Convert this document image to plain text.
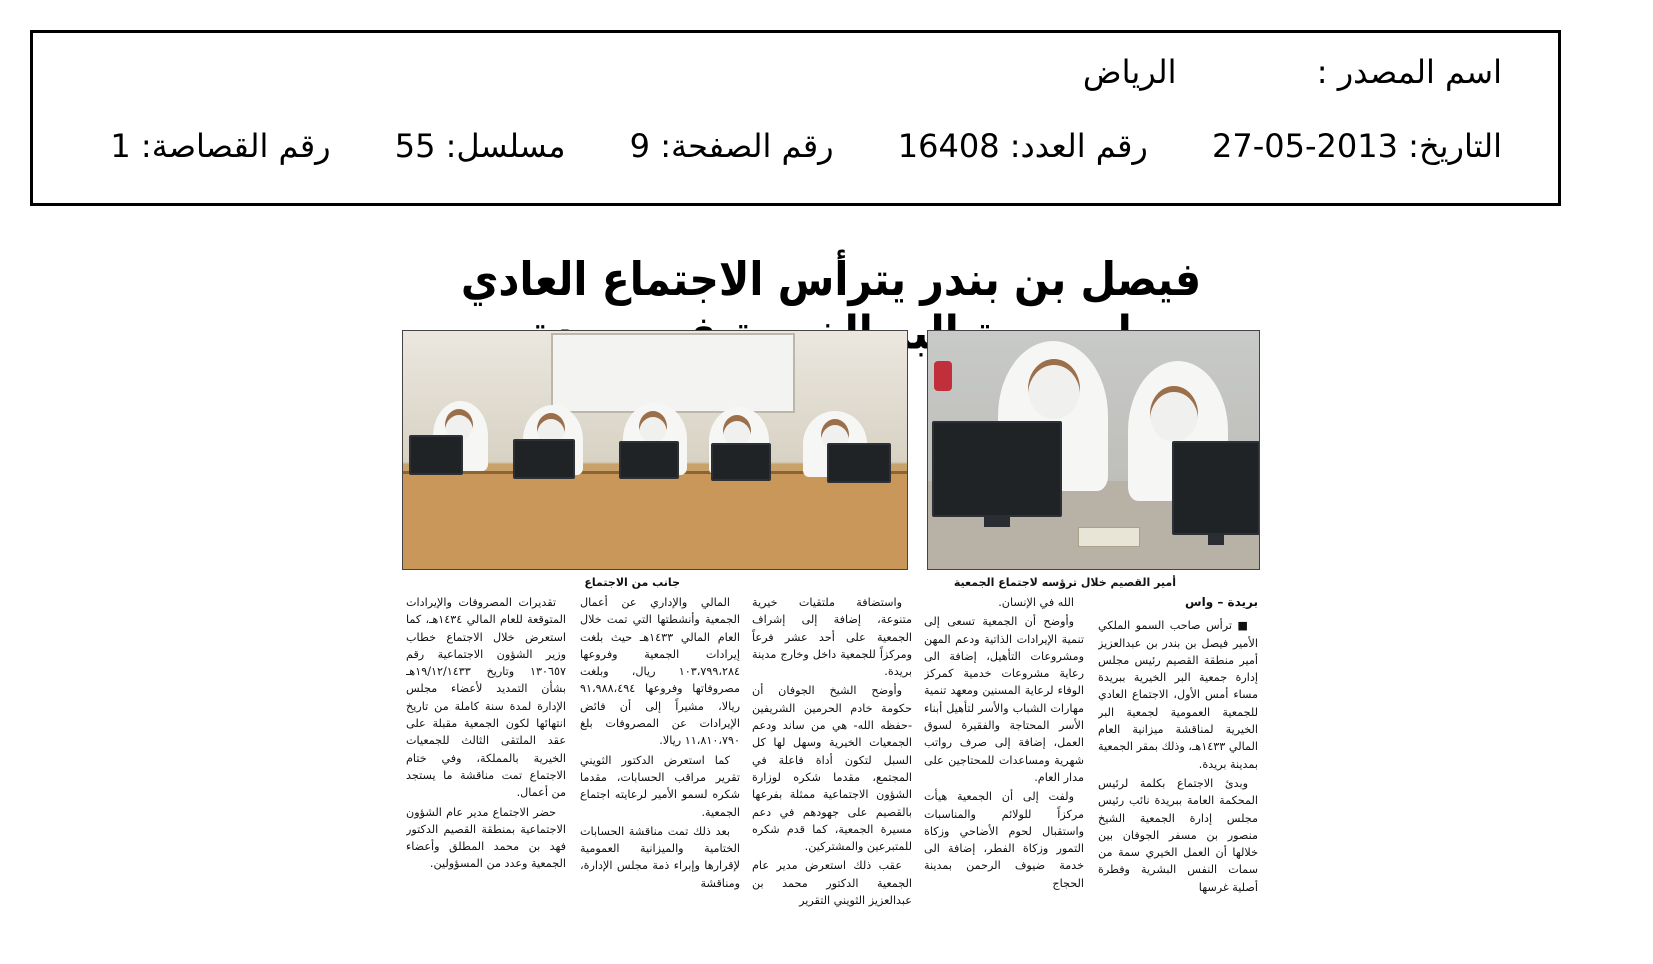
اسم المصدر : الرياض
التاريخ: 2013-05-27 رقم العدد: 16408 رقم الصفحة: 9 مسلسل: 55 رقم القصاصة: 1
فيصل بن بندر يترأس الاجتماع العادي البر
أمير القصيم خلال ترؤسه لاجتماع الجمعية
جانب من الاجتماع
بريدة – واس

■ ترأس صاحب السمو الملكي الأمير فيصل بن بندر بن عبدالعزيز أمير منطقة القصيم رئيس مجلس إدارة جمعية البر الخيرية ببريدة مساء أمس الأول، الاجتماع العادي للجمعية العمومية لجمعية البر الخيرية لمناقشة ميزانية العام المالي ١٤٣٣هـ، وذلك بمقر الجمعية بمدينة بريدة.

وبدئ الاجتماع بكلمة لرئيس المحكمة العامة ببريدة نائب رئيس مجلس إدارة الجمعية الشيخ منصور بن مسفر الجوفان بين خلالها أن العمل الخيري سمة من سمات النفس البشرية وفطرة أصلية غرسها

الله في الإنسان.

وأوضح أن الجمعية تسعى إلى تنمية الإيرادات الذاتية ودعم المهن ومشروعات التأهيل، إضافة الى رعاية مشروعات خدمية كمركز الوفاء لرعاية المسنين ومعهد تنمية مهارات الشباب والأسر لتأهيل أبناء الأسر المحتاجة والفقيرة لسوق العمل، إضافة إلى صرف رواتب شهرية ومساعدات للمحتاجين على مدار العام.

ولفت إلى أن الجمعية هيأت مركزاً للولائم والمناسبات واستقبال لحوم الأضاحي وزكاة التمور وزكاة الفطر، إضافة الى خدمة ضيوف الرحمن بمدينة الحجاج

واستضافة ملتقيات خيرية متنوعة، إضافة إلى إشراف الجمعية على أحد عشر فرعاً ومركزاً للجمعية داخل وخارج مدينة بريدة.

وأوضح الشيخ الجوفان أن حكومة خادم الحرمين الشريفين -حفظه الله- هي من ساند ودعم الجمعيات الخيرية وسهل لها كل السبل لتكون أداة فاعلة في المجتمع، مقدما شكره لوزارة الشؤون الاجتماعية ممثلة بفرعها بالقصيم على جهودهم في دعم مسيرة الجمعية، كما قدم شكره للمتبرعين والمشتركين.

عقب ذلك استعرض مدير عام الجمعية الدكتور محمد بن عبدالعزيز الثويني التقرير

المالي والإداري عن أعمال الجمعية وأنشطتها التي تمت خلال العام المالي ١٤٣٣هـ حيث بلغت إيرادات الجمعية وفروعها ١٠٣،٧٩٩،٢٨٤ ريال، وبلغت مصروفاتها وفروعها ٩١،٩٨٨،٤٩٤ ريالا، مشيراً إلى أن فائض الإيرادات عن المصروفات بلغ ١١،٨١٠،٧٩٠ ريالا.

كما استعرض الدكتور الثويني تقرير مراقب الحسابات، مقدما شكره لسمو الأمير لرعايته اجتماع الجمعية.

بعد ذلك تمت مناقشة الحسابات الختامية والميزانية العمومية لإقرارها وإبراء ذمة مجلس الإدارة، ومناقشة

تقديرات المصروفات والإيرادات المتوقعة للعام المالي ١٤٣٤هـ، كما استعرض خلال الاجتماع خطاب وزير الشؤون الاجتماعية رقم ١٣٠٦٥٧ وتاريخ ١٩/١٢/١٤٣٣هـ بشأن التمديد لأعضاء مجلس الإدارة لمدة سنة كاملة من تاريخ انتهائها لكون الجمعية مقبلة على عقد الملتقى الثالث للجمعيات الخيرية بالمملكة، وفي ختام الاجتماع تمت مناقشة ما يستجد من أعمال.

حضر الاجتماع مدير عام الشؤون الاجتماعية بمنطقة القصيم الدكتور فهد بن محمد المطلق وأعضاء الجمعية وعدد من المسؤولين.
